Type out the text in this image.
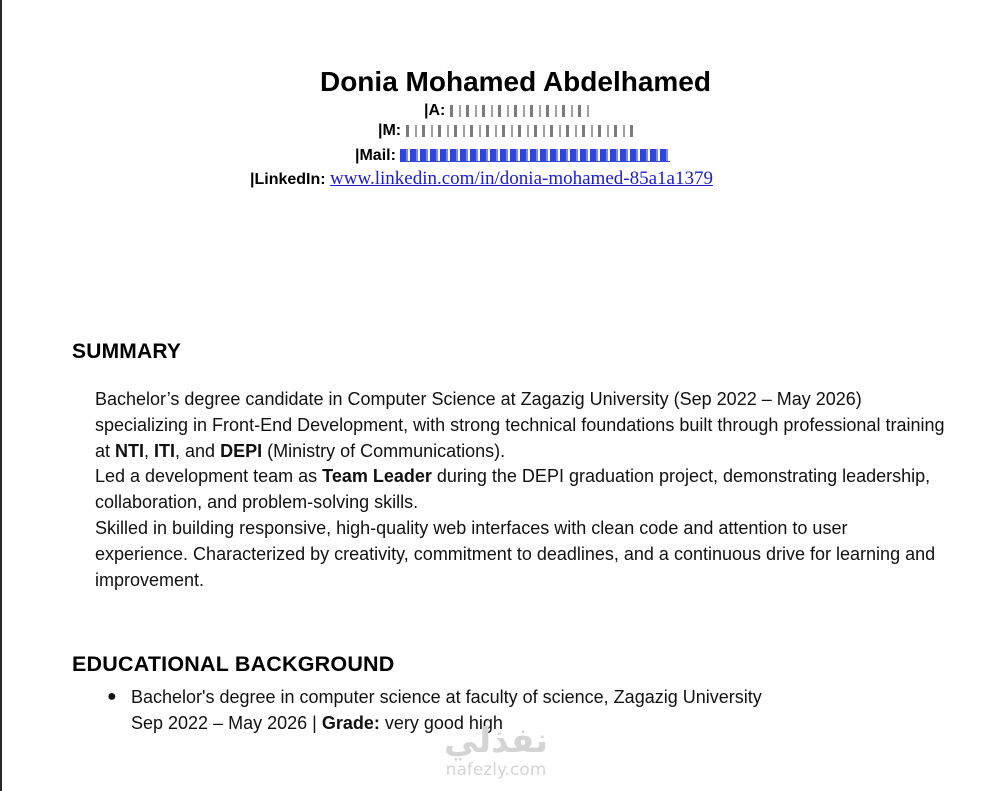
Donia Mohamed Abdelhamed
|A:
|M:
|Mail:
|LinkedIn: www.linkedin.com/in/donia-mohamed-85a1a1379
SUMMARY

Bachelor’s degree candidate in Computer Science at Zagazig University (Sep 2022 – May 2026) specializing in Front-End Development, with strong technical foundations built through professional training at NTI, ITI, and DEPI (Ministry of Communications).

Led a development team as Team Leader during the DEPI graduation project, demonstrating leadership, collaboration, and problem-solving skills.

Skilled in building responsive, high-quality web interfaces with clean code and attention to user experience. Characterized by creativity, commitment to deadlines, and a continuous drive for learning and improvement.

EDUCATIONAL BACKGROUND
● Bachelor's degree in computer science at faculty of science, Zagazig University
Sep 2022 – May 2026 | Grade: very good high
نفذلي
nafezly.com
